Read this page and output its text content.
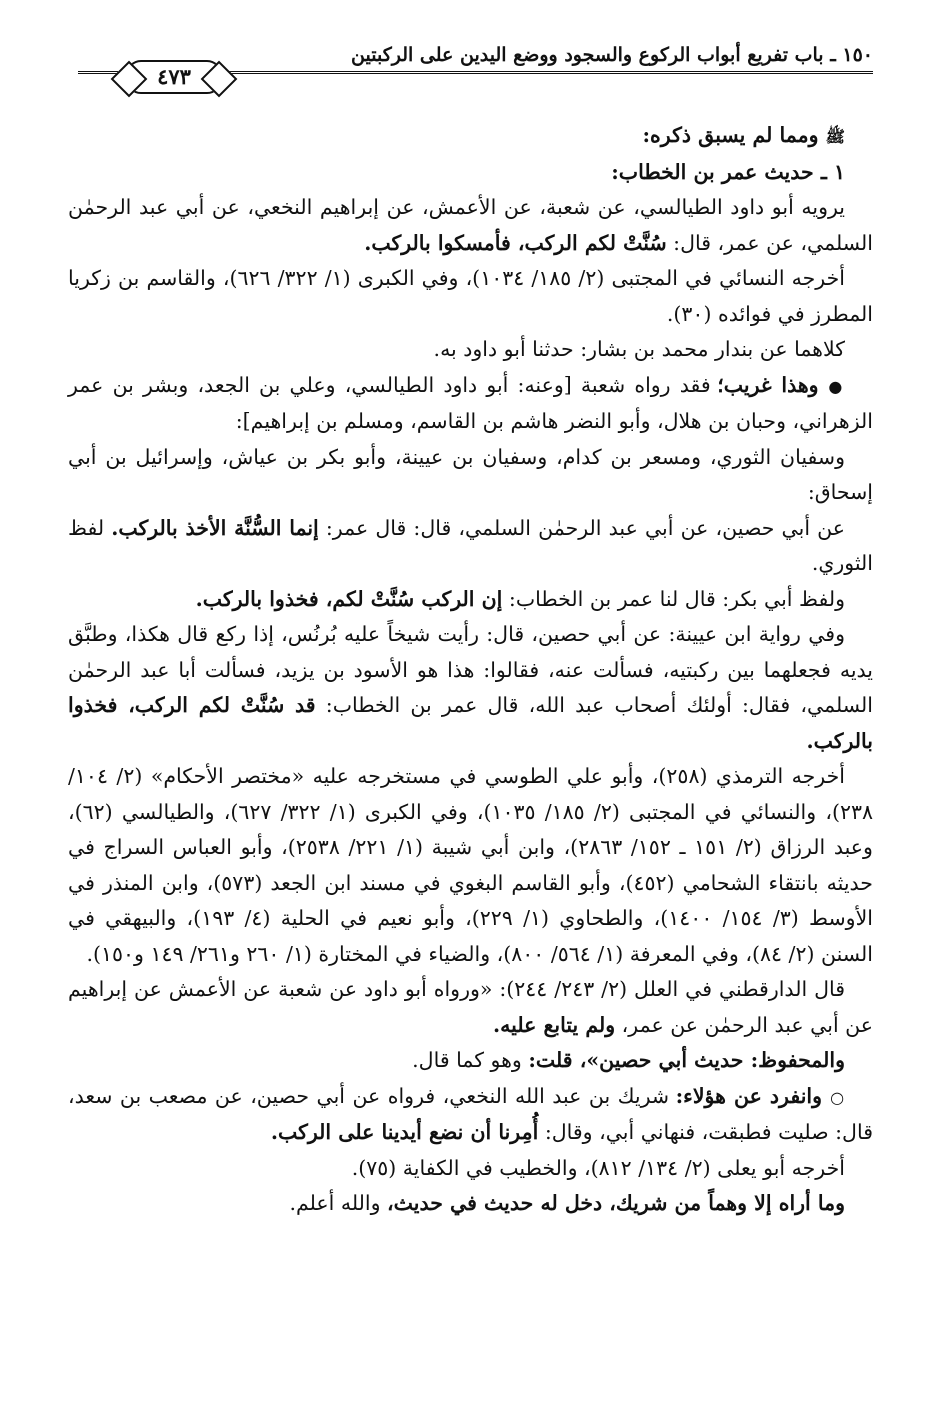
٤٧٣
١٥٠ ـ باب تفريع أبواب الركوع والسجود ووضع اليدين على الركبتين

ﷺ ومما لم يسبق ذكره:

١ ـ حديث عمر بن الخطاب:

يرويه أبو داود الطيالسي، عن شعبة، عن الأعمش، عن إبراهيم النخعي، عن أبي عبد الرحمٰن السلمي، عن عمر، قال: سُنَّتْ لكم الركب، فأمسكوا بالركب.

أخرجه النسائي في المجتبى (٢/ ١٨٥/ ١٠٣٤)، وفي الكبرى (١/ ٣٢٢/ ٦٢٦)، والقاسم بن زكريا المطرز في فوائده (٣٠).

كلاهما عن بندار محمد بن بشار: حدثنا أبو داود به.

● وهذا غريب؛ فقد رواه شعبة [وعنه: أبو داود الطيالسي، وعلي بن الجعد، وبشر بن عمر الزهراني، وحبان بن هلال، وأبو النضر هاشم بن القاسم، ومسلم بن إبراهيم]:

وسفيان الثوري، ومسعر بن كدام، وسفيان بن عيينة، وأبو بكر بن عياش، وإسرائيل بن أبي إسحاق:

عن أبي حصين، عن أبي عبد الرحمٰن السلمي، قال: قال عمر: إنما السُّنَّة الأخذ بالركب. لفظ الثوري.

ولفظ أبي بكر: قال لنا عمر بن الخطاب: إن الركب سُنَّتْ لكم، فخذوا بالركب.

وفي رواية ابن عيينة: عن أبي حصين، قال: رأيت شيخاً عليه بُرنُس، إذا ركع قال هكذا، وطبَّق يديه فجعلهما بين ركبتيه، فسألت عنه، فقالوا: هذا هو الأسود بن يزيد، فسألت أبا عبد الرحمٰن السلمي، فقال: أولئك أصحاب عبد الله، قال عمر بن الخطاب: قد سُنَّتْ لكم الركب، فخذوا بالركب.

أخرجه الترمذي (٢٥٨)، وأبو علي الطوسي في مستخرجه عليه «مختصر الأحكام» (٢/ ١٠٤/ ٢٣٨)، والنسائي في المجتبى (٢/ ١٨٥/ ١٠٣٥)، وفي الكبرى (١/ ٣٢٢/ ٦٢٧)، والطيالسي (٦٢)، وعبد الرزاق (٢/ ١٥١ ـ ١٥٢/ ٢٨٦٣)، وابن أبي شيبة (١/ ٢٢١/ ٢٥٣٨)، وأبو العباس السراج في حديثه بانتقاء الشحامي (٤٥٢)، وأبو القاسم البغوي في مسند ابن الجعد (٥٧٣)، وابن المنذر في الأوسط (٣/ ١٥٤/ ١٤٠٠)، والطحاوي (١/ ٢٢٩)، وأبو نعيم في الحلية (٤/ ١٩٣)، والبيهقي في السنن (٢/ ٨٤)، وفي المعرفة (١/ ٥٦٤/ ٨٠٠)، والضياء في المختارة (١/ ٢٦٠ و٢٦١/ ١٤٩ و١٥٠).

قال الدارقطني في العلل (٢/ ٢٤٣/ ٢٤٤): «ورواه أبو داود عن شعبة عن الأعمش عن إبراهيم عن أبي عبد الرحمٰن عن عمر، ولم يتابع عليه.

والمحفوظ: حديث أبي حصين»، قلت: وهو كما قال.

○ وانفرد عن هؤلاء: شريك بن عبد الله النخعي، فرواه عن أبي حصين، عن مصعب بن سعد، قال: صليت فطبقت، فنهاني أبي، وقال: أُمِرنا أن نضع أيدينا على الركب.

أخرجه أبو يعلى (٢/ ١٣٤/ ٨١٢)، والخطيب في الكفاية (٧٥).

وما أراه إلا وهماً من شريك، دخل له حديث في حديث، والله أعلم.
